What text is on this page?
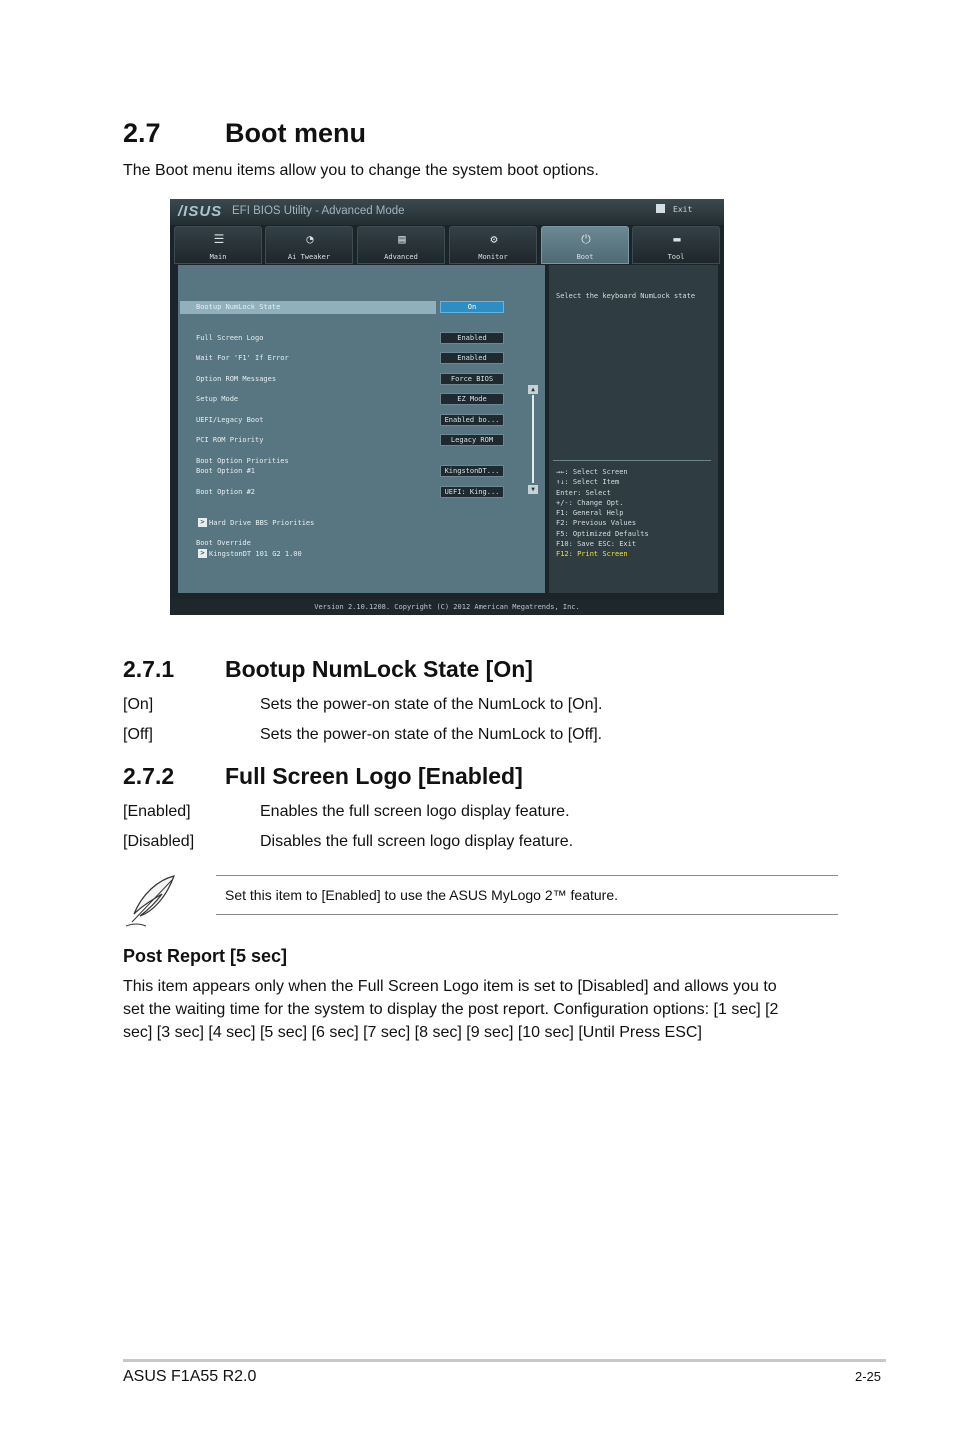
2.7 Boot menu
The Boot menu items allow you to change the system boot options.
/ISUS EFI BIOS Utility - Advanced Mode	Exit
☰
Main
◔
Ai Tweaker
▤
Advanced
⚙
Monitor
⏻
Boot
▬
Tool
Bootup NumLock State	On
Full Screen Logo	Enabled
Wait For 'F1' If Error	Enabled
Option ROM Messages	Force BIOS
Setup Mode	EZ Mode
UEFI/Legacy Boot	Enabled bo...
PCI ROM Priority	Legacy ROM
Boot Option Priorities
Boot Option #1	KingstonDT...
Boot Option #2	UEFI: King...
> Hard Drive BBS Priorities
Boot Override
> KingstonDT 101 G2 1.00
▲
▼
Select the keyboard NumLock state
→←: Select Screen
↑↓: Select Item
Enter: Select
+/-: Change Opt.
F1: General Help
F2: Previous Values
F5: Optimized Defaults
F10: Save ESC: Exit
F12: Print Screen
Version 2.10.1208. Copyright (C) 2012 American Megatrends, Inc.
2.7.1 Bootup NumLock State [On]
[On]	Sets the power-on state of the NumLock to [On].
[Off]	Sets the power-on state of the NumLock to [Off].
2.7.2 Full Screen Logo [Enabled]
[Enabled]	Enables the full screen logo display feature.
[Disabled]	Disables the full screen logo display feature.
Set this item to [Enabled] to use the ASUS MyLogo 2™ feature.
Post Report [5 sec]
This item appears only when the Full Screen Logo item is set to [Disabled] and allows you to
set the waiting time for the system to display the post report. Configuration options: [1 sec] [2
sec] [3 sec] [4 sec] [5 sec] [6 sec] [7 sec] [8 sec] [9 sec] [10 sec] [Until Press ESC]
ASUS F1A55 R2.0	2-25
